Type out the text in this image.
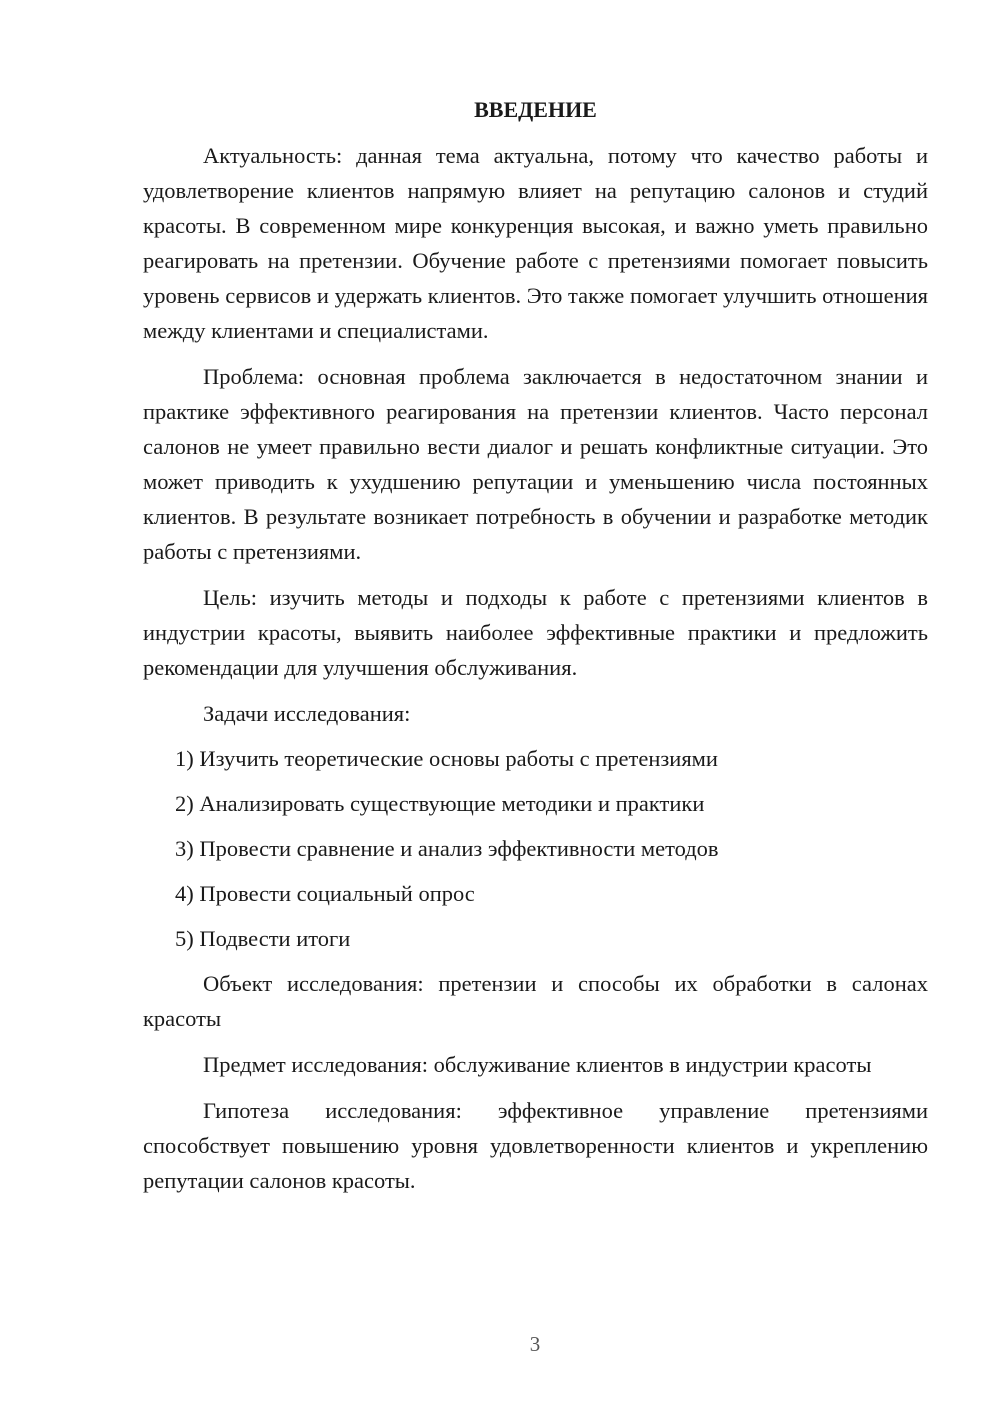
ВВЕДЕНИЕ

Актуальность: данная тема актуальна, потому что качество работы и удовлетворение клиентов напрямую влияет на репутацию салонов и студий красоты. В современном мире конкуренция высокая, и важно уметь правильно реагировать на претензии. Обучение работе с претензиями помогает повысить уровень сервисов и удержать клиентов. Это также помогает улучшить отношения между клиентами и специалистами.

Проблема: основная проблема заключается в недостаточном знании и практике эффективного реагирования на претензии клиентов. Часто персонал салонов не умеет правильно вести диалог и решать конфликтные ситуации. Это может приводить к ухудшению репутации и уменьшению числа постоянных клиентов. В результате возникает потребность в обучении и разработке методик работы с претензиями.

Цель: изучить методы и подходы к работе с претензиями клиентов в индустрии красоты, выявить наиболее эффективные практики и предложить рекомендации для улучшения обслуживания.

Задачи исследования:

1) Изучить теоретические основы работы с претензиями

2) Анализировать существующие методики и практики

3) Провести сравнение и анализ эффективности методов

4) Провести социальный опрос

5) Подвести итоги

Объект исследования: претензии и способы их обработки в салонах красоты

Предмет исследования: обслуживание клиентов в индустрии красоты

Гипотеза исследования: эффективное управление претензиями способствует повышению уровня удовлетворенности клиентов и укреплению репутации салонов красоты.

3
